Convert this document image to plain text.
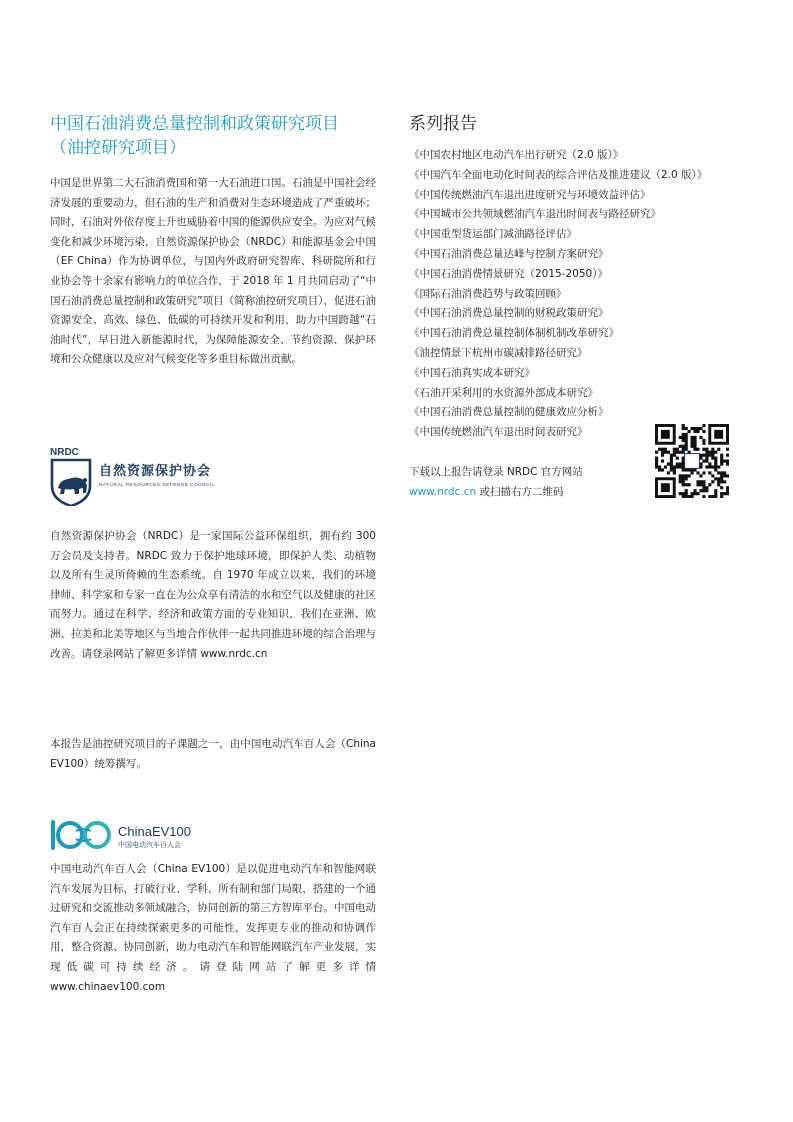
中国石油消费总量控制和政策研究项目
（油控研究项目）

中国是世界第二大石油消费国和第一大石油进口国。石油是中国社会经济发展的重要动力，但石油的生产和消费对生态环境造成了严重破坏；同时，石油对外依存度上升也威胁着中国的能源供应安全。为应对气候变化和减少环境污染，自然资源保护协会（NRDC）和能源基金会中国（EF China）作为协调单位，与国内外政府研究智库、科研院所和行业协会等十余家有影响力的单位合作，于 2018 年 1 月共同启动了“中国石油消费总量控制和政策研究”项目（简称油控研究项目），促进石油资源安全、高效、绿色、低碳的可持续开发和利用，助力中国跨越“石油时代”，早日进入新能源时代，为保障能源安全、节约资源、保护环境和公众健康以及应对气候变化等多重目标做出贡献。

NRDC
自然资源保护协会
NATURAL RESOURCES DEFENSE COUNCIL

自然资源保护协会（NRDC）是一家国际公益环保组织，拥有约 300 万会员及支持者。NRDC 致力于保护地球环境，即保护人类、动植物以及所有生灵所倚赖的生态系统。自 1970 年成立以来，我们的环境律师、科学家和专家一直在为公众享有清洁的水和空气以及健康的社区而努力。通过在科学、经济和政策方面的专业知识，我们在亚洲、欧洲、拉美和北美等地区与当地合作伙伴一起共同推进环境的综合治理与改善。请登录网站了解更多详情 www.nrdc.cn

本报告是油控研究项目的子课题之一，由中国电动汽车百人会（China EV100）统筹撰写。

ChinaEV100
中国电动汽车百人会

中国电动汽车百人会（China EV100）是以促进电动汽车和智能网联汽车发展为目标，打破行业、学科、所有制和部门局限，搭建的一个通过研究和交流推动多领域融合，协同创新的第三方智库平台。中国电动汽车百人会正在持续探索更多的可能性，发挥更专业的推动和协调作用，整合资源、协同创新，助力电动汽车和智能网联汽车产业发展，实现低碳可持续经济。请登陆网站了解更多详情 www.chinaev100.com

系列报告
《中国农村地区电动汽车出行研究（2.0 版）》
《中国汽车全面电动化时间表的综合评估及推进建议（2.0 版）》
《中国传统燃油汽车退出进度研究与环境效益评估》
《中国城市公共领域燃油汽车退出时间表与路径研究》
《中国重型货运部门减油路径评估》
《中国石油消费总量达峰与控制方案研究》
《中国石油消费情景研究（2015-2050）》
《国际石油消费趋势与政策回顾》
《中国石油消费总量控制的财税政策研究》
《中国石油消费总量控制体制机制改革研究》
《油控情景下杭州市碳减排路径研究》
《中国石油真实成本研究》
《石油开采利用的水资源外部成本研究》
《中国石油消费总量控制的健康效应分析》
《中国传统燃油汽车退出时间表研究》
下载以上报告请登录 NRDC 官方网站
www.nrdc.cn 或扫描右方二维码
